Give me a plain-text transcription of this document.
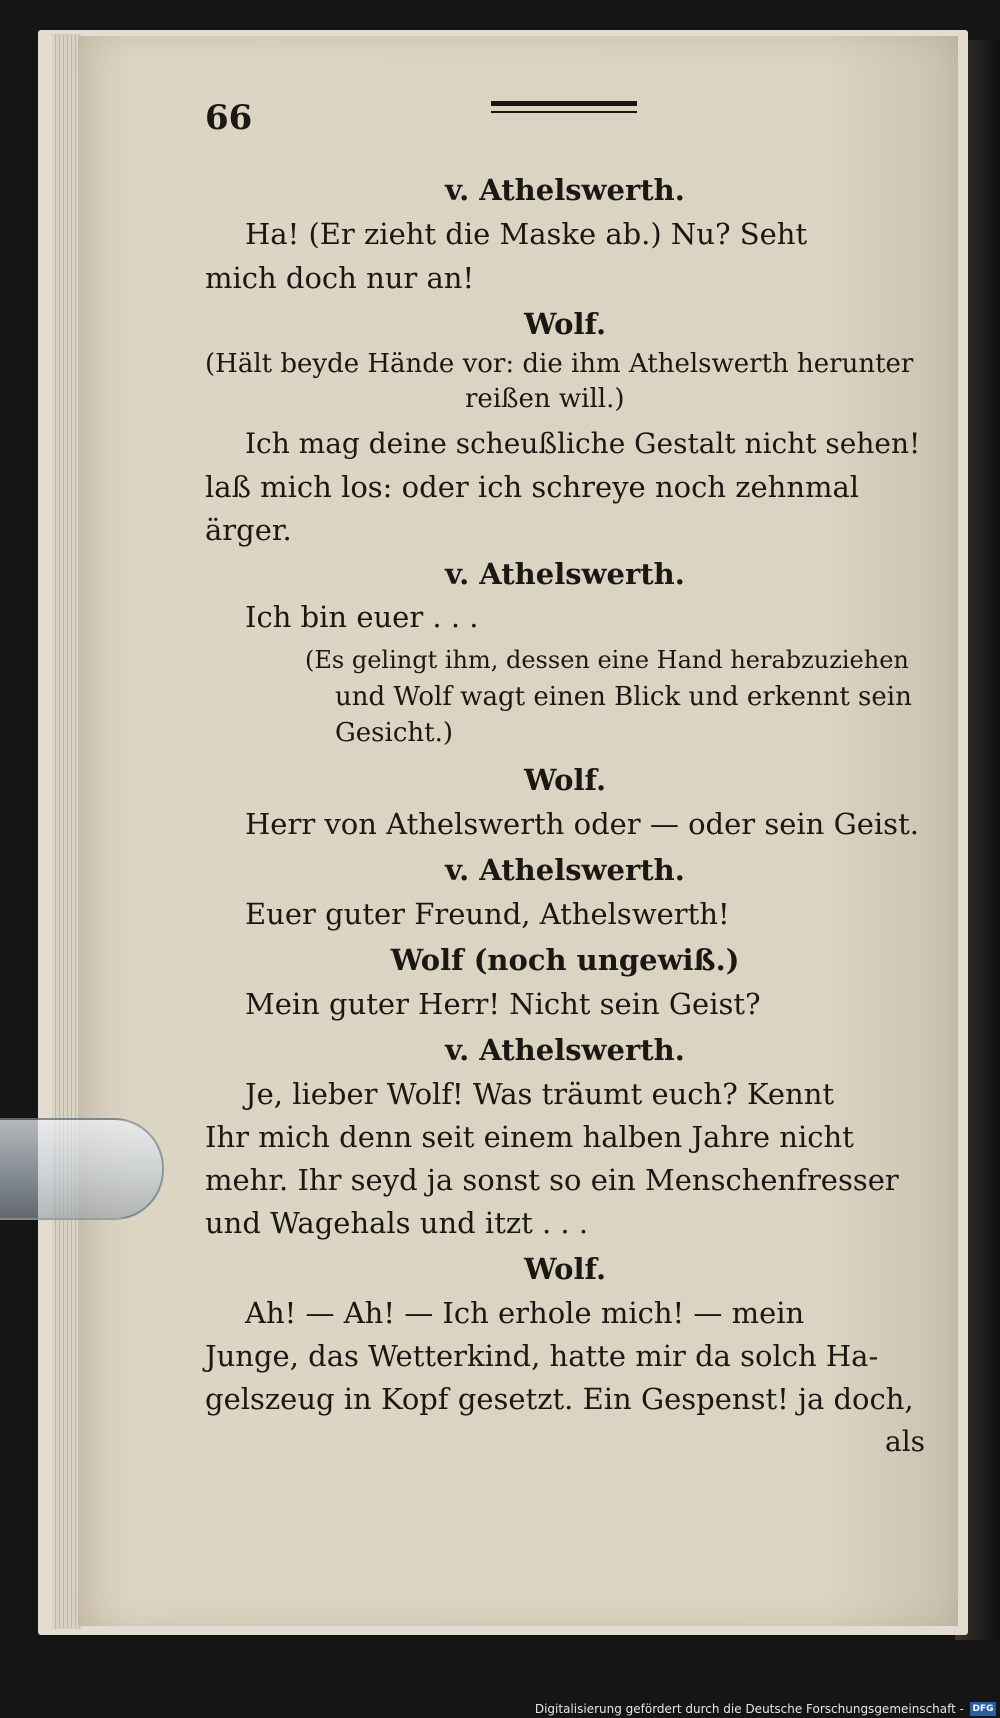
66
v. Athelswerth.
Ha! (Er zieht die Maske ab.) Nu? Seht
mich doch nur an!
Wolf.
(Hält beyde Hände vor: die ihm Athelswerth herunter
reißen will.)
Ich mag deine scheußliche Gestalt nicht sehen!
laß mich los: oder ich schreye noch zehnmal
ärger.
v. Athelswerth.
Ich bin euer . . .
(Es gelingt ihm, dessen eine Hand herabzuziehen
und Wolf wagt einen Blick und erkennt sein
Gesicht.)
Wolf.
Herr von Athelswerth oder — oder sein Geist.
v. Athelswerth.
Euer guter Freund, Athelswerth!
Wolf (noch ungewiß.)
Mein guter Herr! Nicht sein Geist?
v. Athelswerth.
Je, lieber Wolf! Was träumt euch? Kennt
Ihr mich denn seit einem halben Jahre nicht
mehr. Ihr seyd ja sonst so ein Menschenfresser
und Wagehals und itzt . . .
Wolf.
Ah! — Ah! — Ich erhole mich! — mein
Junge, das Wetterkind, hatte mir da solch Ha-
gelszeug in Kopf gesetzt. Ein Gespenst! ja doch,
als
Digitalisierung gefördert durch die Deutsche Forschungsgemeinschaft - DFG
